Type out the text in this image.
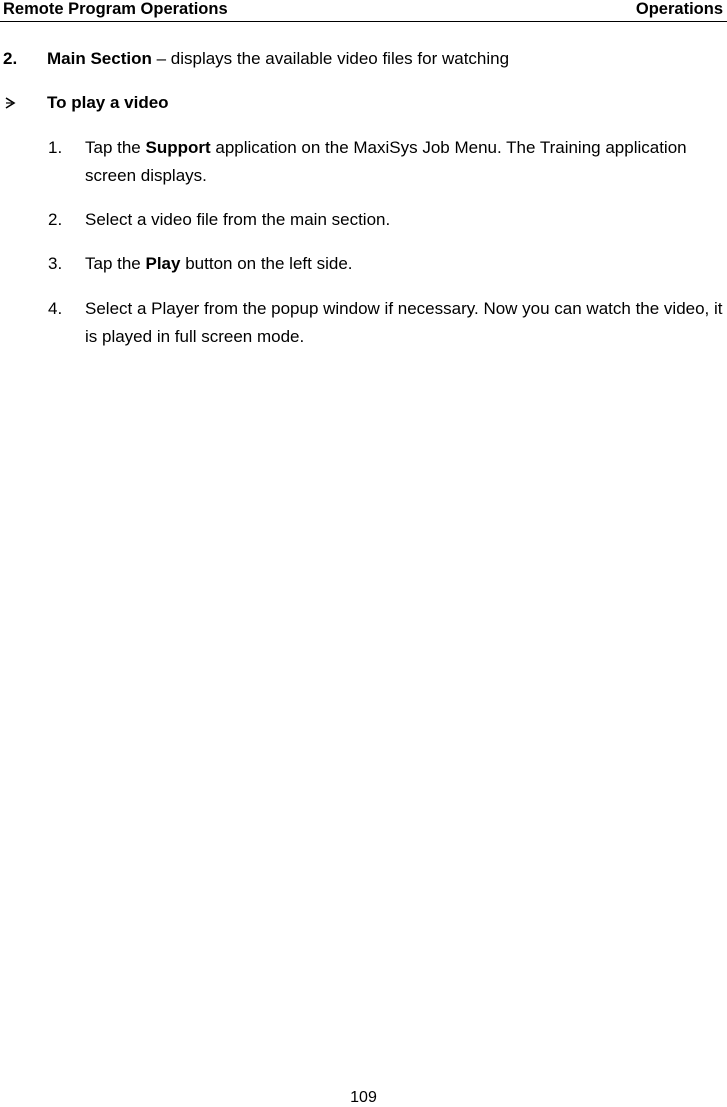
Remote Program Operations	Operations
2. Main Section – displays the available video files for watching
To play a video
1. Tap the Support application on the MaxiSys Job Menu. The Training application screen displays.
2. Select a video file from the main section.
3. Tap the Play button on the left side.
4. Select a Player from the popup window if necessary. Now you can watch the video, it is played in full screen mode.
109
